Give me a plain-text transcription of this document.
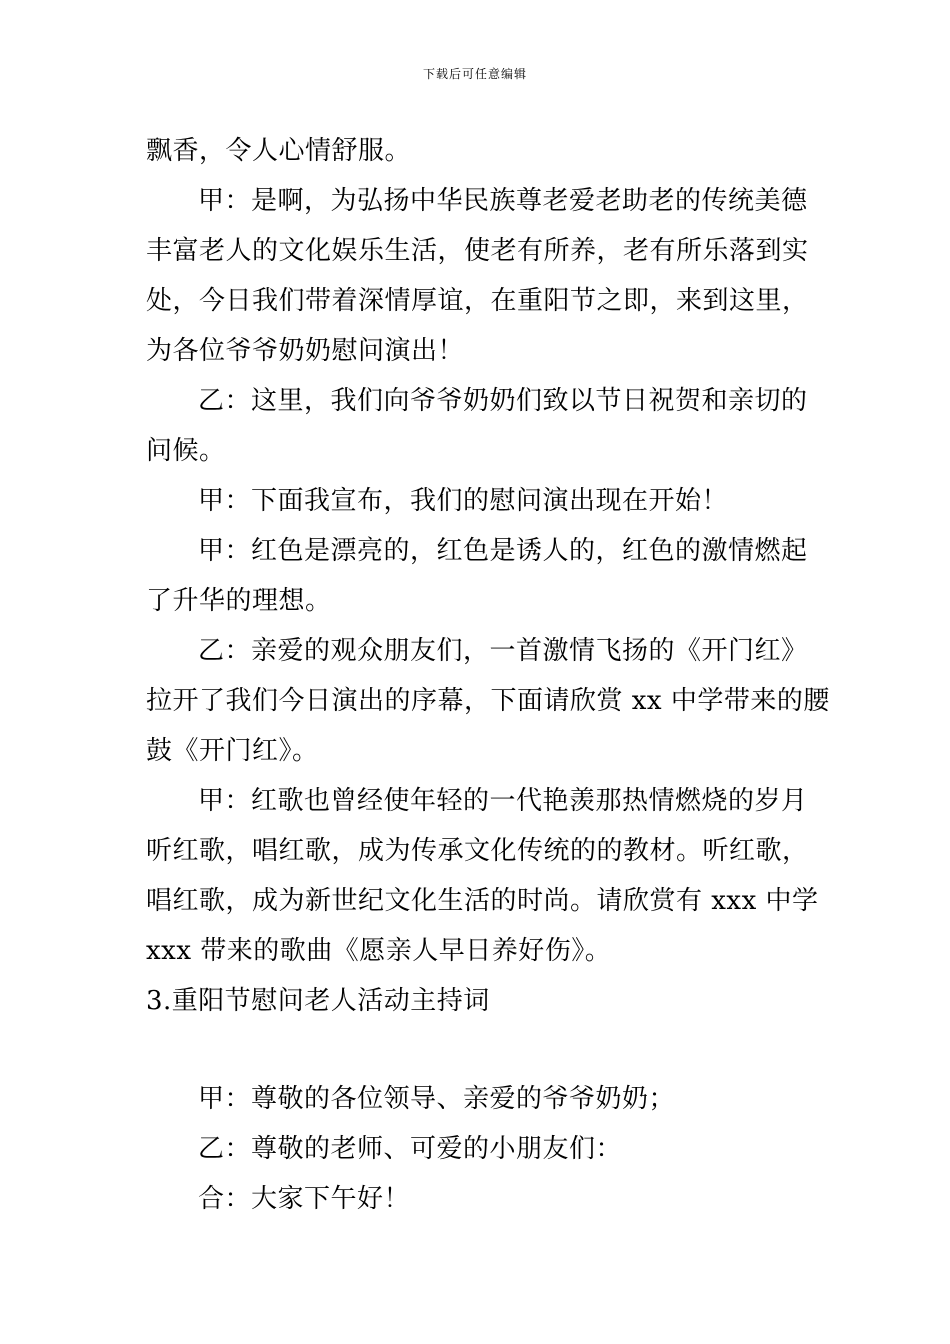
下载后可任意编辑
飘香，令人心情舒服。
甲：是啊，为弘扬中华民族尊老爱老助老的传统美德
丰富老人的文化娱乐生活，使老有所养，老有所乐落到实
处，今日我们带着深情厚谊，在重阳节之即，来到这里，
为各位爷爷奶奶慰问演出！
乙：这里，我们向爷爷奶奶们致以节日祝贺和亲切的
问候。
甲：下面我宣布，我们的慰问演出现在开始！
甲：红色是漂亮的，红色是诱人的，红色的激情燃起
了升华的理想。
乙：亲爱的观众朋友们，一首激情飞扬的《开门红》
拉开了我们今日演出的序幕，下面请欣赏 xx 中学带来的腰
鼓《开门红》。
甲：红歌也曾经使年轻的一代艳羡那热情燃烧的岁月
听红歌，唱红歌，成为传承文化传统的的教材。听红歌，
唱红歌，成为新世纪文化生活的时尚。请欣赏有 xxx 中学
xxx 带来的歌曲《愿亲人早日养好伤》。
3.重阳节慰问老人活动主持词
甲：尊敬的各位领导、亲爱的爷爷奶奶；
乙：尊敬的老师、可爱的小朋友们：
合：大家下午好！
